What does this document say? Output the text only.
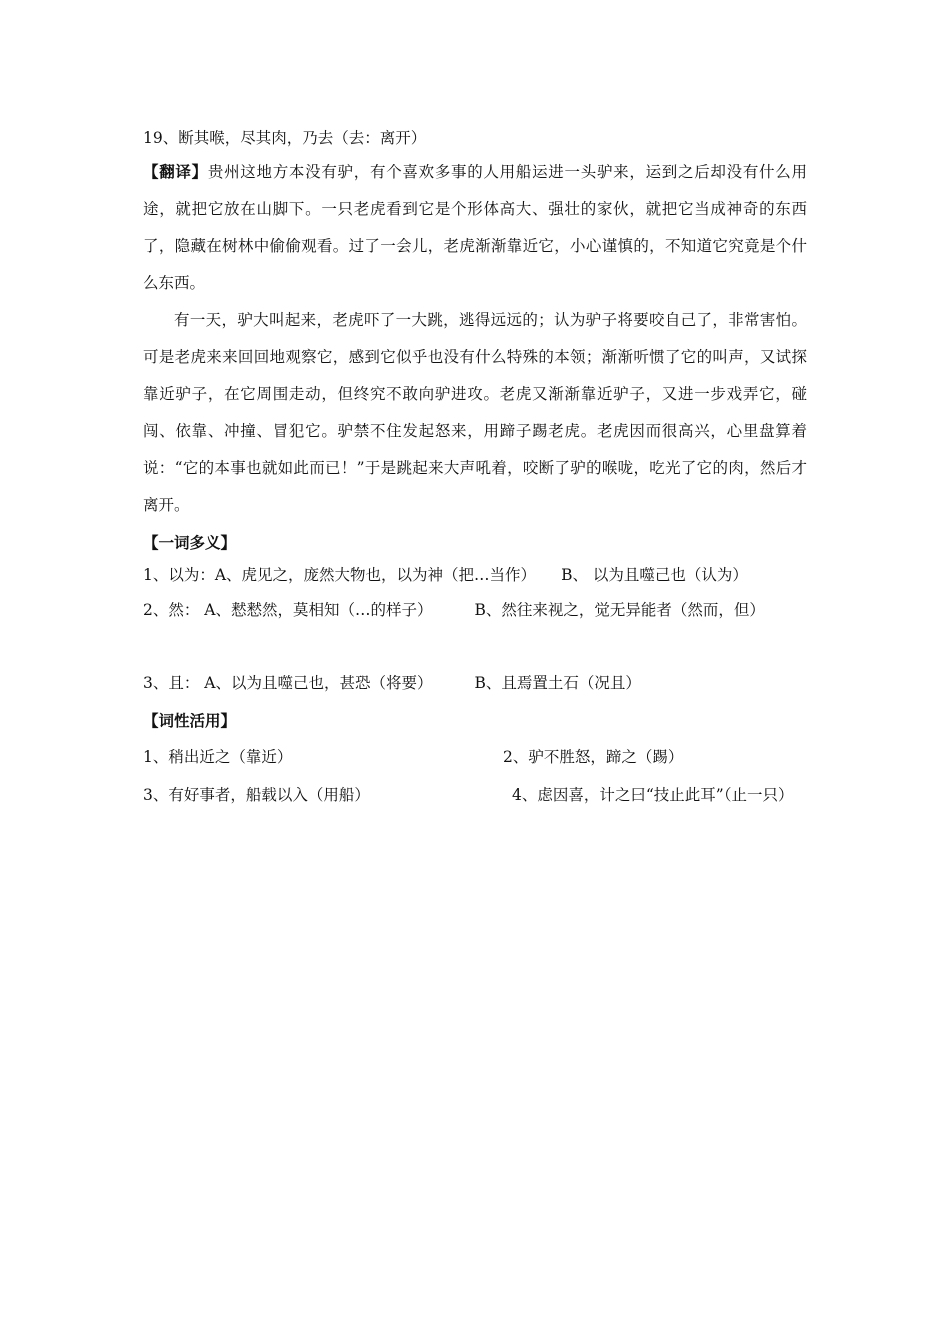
19、断其喉，尽其肉，乃去（去：离开）
【翻译】贵州这地方本没有驴，有个喜欢多事的人用船运进一头驴来，运到之后却没有什么用途，就把它放在山脚下。一只老虎看到它是个形体高大、强壮的家伙，就把它当成神奇的东西了，隐藏在树林中偷偷观看。过了一会儿，老虎渐渐靠近它，小心谨慎的，不知道它究竟是个什么东西。
有一天，驴大叫起来，老虎吓了一大跳，逃得远远的；认为驴子将要咬自己了，非常害怕。可是老虎来来回回地观察它，感到它似乎也没有什么特殊的本领；渐渐听惯了它的叫声，又试探靠近驴子，在它周围走动，但终究不敢向驴进攻。老虎又渐渐靠近驴子，又进一步戏弄它，碰闯、依靠、冲撞、冒犯它。驴禁不住发起怒来，用蹄子踢老虎。老虎因而很高兴，心里盘算着说：“它的本事也就如此而已！”于是跳起来大声吼着，咬断了驴的喉咙，吃光了它的肉，然后才离开。
【一词多义】
1、以为：A、虎见之，庞然大物也，以为神（把…当作） B、 以为且噬己也（认为）
2、然： A、慭慭然，莫相知（…的样子）	B、然往来视之，觉无异能者（然而，但）
3、且： A、以为且噬己也，甚恐（将要）	B、且焉置土石（况且）
【词性活用】
1、稍出近之（靠近）	2、驴不胜怒，蹄之（踢）
3、有好事者，船载以入（用船）	4、虑因喜，计之曰“技止此耳”（止一只）
